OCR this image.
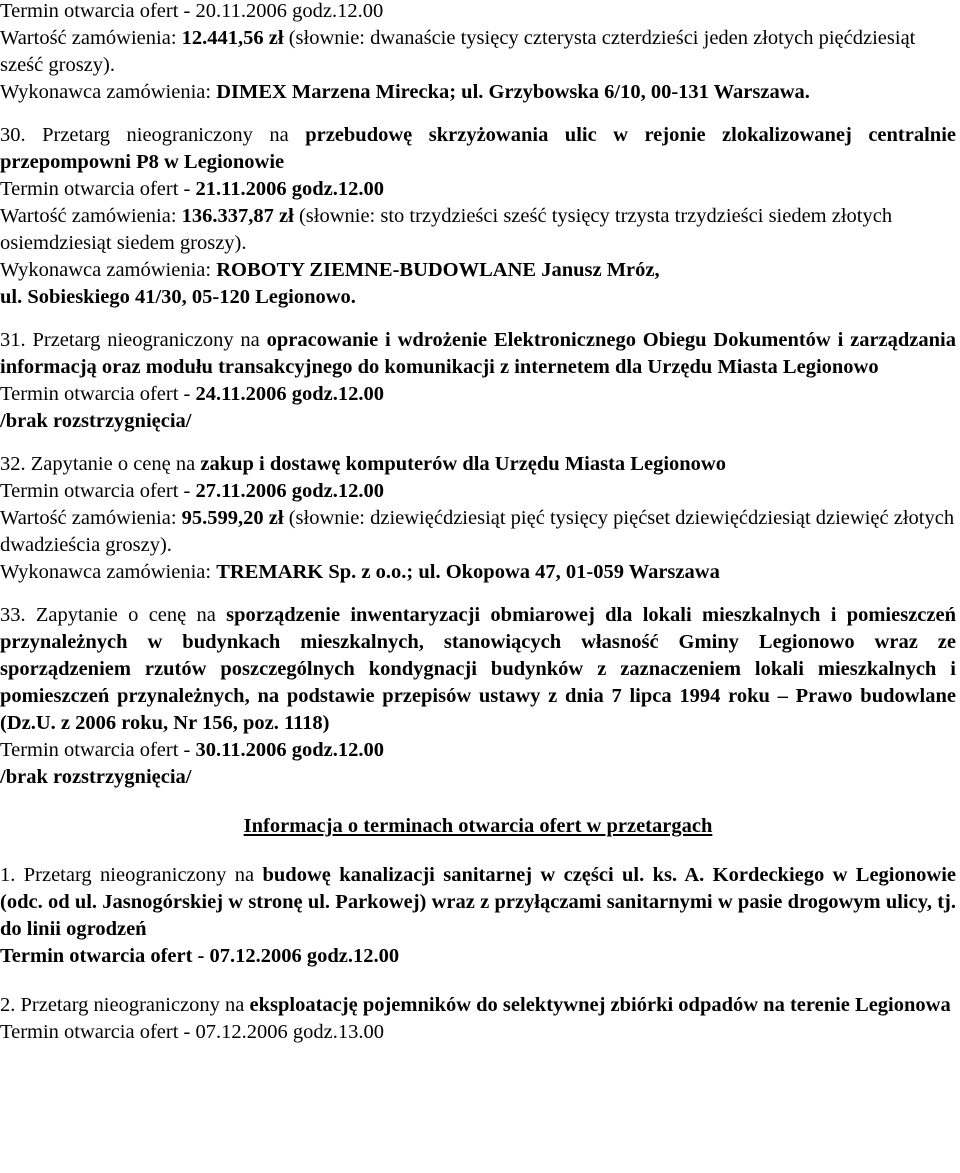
Termin otwarcia ofert - 20.11.2006 godz.12.00
Wartość zamówienia: 12.441,56 zł (słownie: dwanaście tysięcy czterysta czterdzieści jeden złotych pięćdziesiąt sześć groszy).
Wykonawca zamówienia: DIMEX Marzena Mirecka; ul. Grzybowska 6/10, 00-131 Warszawa.
30. Przetarg nieograniczony na przebudowę skrzyżowania ulic w rejonie zlokalizowanej centralnie przepompowni P8 w Legionowie
Termin otwarcia ofert - 21.11.2006 godz.12.00
Wartość zamówienia: 136.337,87 zł (słownie: sto trzydzieści sześć tysięcy trzysta trzydzieści siedem złotych osiemdziesiąt siedem groszy).
Wykonawca zamówienia: ROBOTY ZIEMNE-BUDOWLANE Janusz Mróz,
ul. Sobieskiego 41/30, 05-120 Legionowo.
31. Przetarg nieograniczony na opracowanie i wdrożenie Elektronicznego Obiegu Dokumentów i zarządzania informacją oraz modułu transakcyjnego do komunikacji z internetem dla Urzędu Miasta Legionowo
Termin otwarcia ofert - 24.11.2006 godz.12.00
/brak rozstrzygnięcia/
32. Zapytanie o cenę na zakup i dostawę komputerów dla Urzędu Miasta Legionowo
Termin otwarcia ofert - 27.11.2006 godz.12.00
Wartość zamówienia: 95.599,20 zł (słownie: dziewięćdziesiąt pięć tysięcy pięćset dziewięćdziesiąt dziewięć złotych dwadzieścia groszy).
Wykonawca zamówienia: TREMARK Sp. z o.o.; ul. Okopowa 47, 01-059 Warszawa
33. Zapytanie o cenę na sporządzenie inwentaryzacji obmiarowej dla lokali mieszkalnych i pomieszczeń przynależnych w budynkach mieszkalnych, stanowiących własność Gminy Legionowo wraz ze sporządzeniem rzutów poszczególnych kondygnacji budynków z zaznaczeniem lokali mieszkalnych i pomieszczeń przynależnych, na podstawie przepisów ustawy z dnia 7 lipca 1994 roku – Prawo budowlane (Dz.U. z 2006 roku, Nr 156, poz. 1118)
Termin otwarcia ofert - 30.11.2006 godz.12.00
/brak rozstrzygnięcia/
Informacja o terminach otwarcia ofert w przetargach
1. Przetarg nieograniczony na budowę kanalizacji sanitarnej w części ul. ks. A. Kordeckiego w Legionowie (odc. od ul. Jasnogórskiej w stronę ul. Parkowej) wraz z przyłączami sanitarnymi w pasie drogowym ulicy, tj. do linii ogrodzeń
Termin otwarcia ofert - 07.12.2006 godz.12.00
2. Przetarg nieograniczony na eksploatację pojemników do selektywnej zbiórki odpadów na terenie Legionowa
Termin otwarcia ofert - 07.12.2006 godz.13.00
